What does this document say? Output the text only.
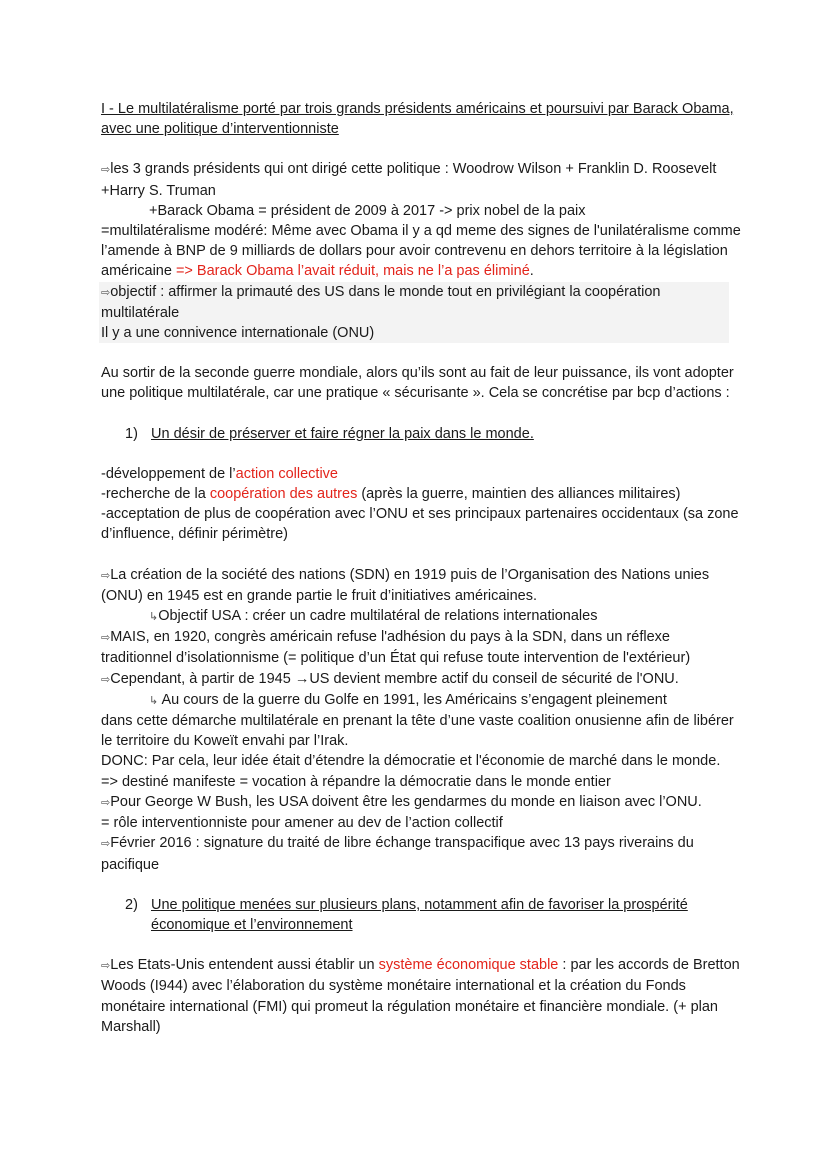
I - Le multilatéralisme porté par trois grands présidents américains et poursuivi par Barack Obama, avec une politique d’interventionniste

⇨les 3 grands présidents qui ont dirigé cette politique : Woodrow Wilson + Franklin D. Roosevelt +Harry S. Truman

+Barack Obama = président de 2009 à 2017 -> prix nobel de la paix

=multilatéralisme modéré: Même avec Obama il y a qd meme des signes de l'unilatéralisme comme l’amende à BNP de 9 milliards de dollars pour avoir contrevenu en dehors territoire à la législation américaine => Barack Obama l’avait réduit, mais ne l’a pas éliminé.

⇨objectif : affirmer la primauté des US dans le monde tout en privilégiant la coopération multilatérale

Il y a une connivence internationale (ONU)

Au sortir de la seconde guerre mondiale, alors qu’ils sont au fait de leur puissance, ils vont adopter une politique multilatérale, car une pratique « sécurisante ». Cela se concrétise par bcp d’actions :

1) Un désir de préserver et faire régner la paix dans le monde.

-développement de l’action collective

-recherche de la coopération des autres (après la guerre, maintien des alliances militaires)

-acceptation de plus de coopération avec l’ONU et ses principaux partenaires occidentaux (sa zone d’influence, définir périmètre)

⇨La création de la société des nations (SDN) en 1919 puis de l’Organisation des Nations unies (ONU) en 1945 est en grande partie le fruit d’initiatives américaines.

↳Objectif USA : créer un cadre multilatéral de relations internationales

⇨MAIS, en 1920, congrès américain refuse l'adhésion du pays à la SDN, dans un réflexe traditionnel d’isolationnisme (= politique d’un État qui refuse toute intervention de l'extérieur)

⇨Cependant, à partir de 1945 →US devient membre actif du conseil de sécurité de l'ONU.

↳ Au cours de la guerre du Golfe en 1991, les Américains s’engagent pleinement

dans cette démarche multilatérale en prenant la tête d’une vaste coalition onusienne afin de libérer le territoire du Koweït envahi par l’Irak.

DONC: Par cela, leur idée était d’étendre la démocratie et l'économie de marché dans le monde. => destiné manifeste = vocation à répandre la démocratie dans le monde entier

⇨Pour George W Bush, les USA doivent être les gendarmes du monde en liaison avec l’ONU.

= rôle interventionniste pour amener au dev de l’action collectif

⇨Février 2016 : signature du traité de libre échange transpacifique avec 13 pays riverains du pacifique

2) Une politique menées sur plusieurs plans, notamment afin de favoriser la prospérité économique et l’environnement

⇨Les Etats-Unis entendent aussi établir un système économique stable : par les accords de Bretton Woods (I944) avec l’élaboration du système monétaire international et la création du Fonds monétaire international (FMI) qui promeut la régulation monétaire et financière mondiale. (+ plan Marshall)
